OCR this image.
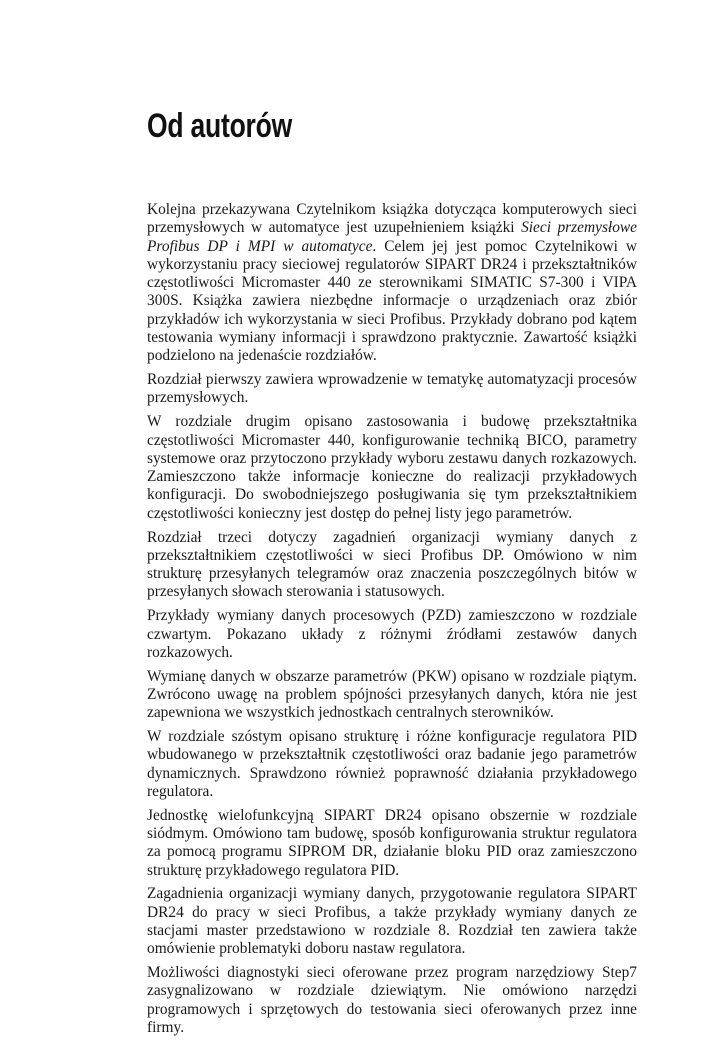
Od autorów

Kolejna przekazywana Czytelnikom książka dotycząca komputerowych sieci przemysłowych w automatyce jest uzupełnieniem książki Sieci przemysłowe Profibus DP i MPI w automatyce. Celem jej jest pomoc Czytelnikowi w wykorzystaniu pracy sieciowej regulatorów SIPART DR24 i przekształtników częstotliwości Micromaster 440 ze sterownikami SIMATIC S7-300 i VIPA 300S. Książka zawiera niezbędne informacje o urządzeniach oraz zbiór przykładów ich wykorzystania w sieci Profibus. Przykłady dobrano pod kątem testowania wymiany informacji i sprawdzono praktycznie. Zawartość książki podzielono na jedenaście rozdziałów.

Rozdział pierwszy zawiera wprowadzenie w tematykę automatyzacji procesów przemysłowych.

W rozdziale drugim opisano zastosowania i budowę przekształtnika częstotliwości Micromaster 440, konfigurowanie techniką BICO, parametry systemowe oraz przytoczono przykłady wyboru zestawu danych rozkazowych. Zamieszczono także informacje konieczne do realizacji przykładowych konfiguracji. Do swobodniejszego posługiwania się tym przekształtnikiem częstotliwości konieczny jest dostęp do pełnej listy jego parametrów.

Rozdział trzeci dotyczy zagadnień organizacji wymiany danych z przekształtnikiem częstotliwości w sieci Profibus DP. Omówiono w nim strukturę przesyłanych telegramów oraz znaczenia poszczególnych bitów w przesyłanych słowach sterowania i statusowych.

Przykłady wymiany danych procesowych (PZD) zamieszczono w rozdziale czwartym. Pokazano układy z różnymi źródłami zestawów danych rozkazowych.

Wymianę danych w obszarze parametrów (PKW) opisano w rozdziale piątym. Zwrócono uwagę na problem spójności przesyłanych danych, która nie jest zapewniona we wszystkich jednostkach centralnych sterowników.

W rozdziale szóstym opisano strukturę i różne konfiguracje regulatora PID wbudowanego w przekształtnik częstotliwości oraz badanie jego parametrów dynamicznych. Sprawdzono również poprawność działania przykładowego regulatora.

Jednostkę wielofunkcyjną SIPART DR24 opisano obszernie w rozdziale siódmym. Omówiono tam budowę, sposób konfigurowania struktur regulatora za pomocą programu SIPROM DR, działanie bloku PID oraz zamieszczono strukturę przykładowego regulatora PID.

Zagadnienia organizacji wymiany danych, przygotowanie regulatora SIPART DR24 do pracy w sieci Profibus, a także przykłady wymiany danych ze stacjami master przedstawiono w rozdziale 8. Rozdział ten zawiera także omówienie problematyki doboru nastaw regulatora.

Możliwości diagnostyki sieci oferowane przez program narzędziowy Step7 zasygnalizowano w rozdziale dziewiątym. Nie omówiono narzędzi programowych i sprzętowych do testowania sieci oferowanych przez inne firmy.
